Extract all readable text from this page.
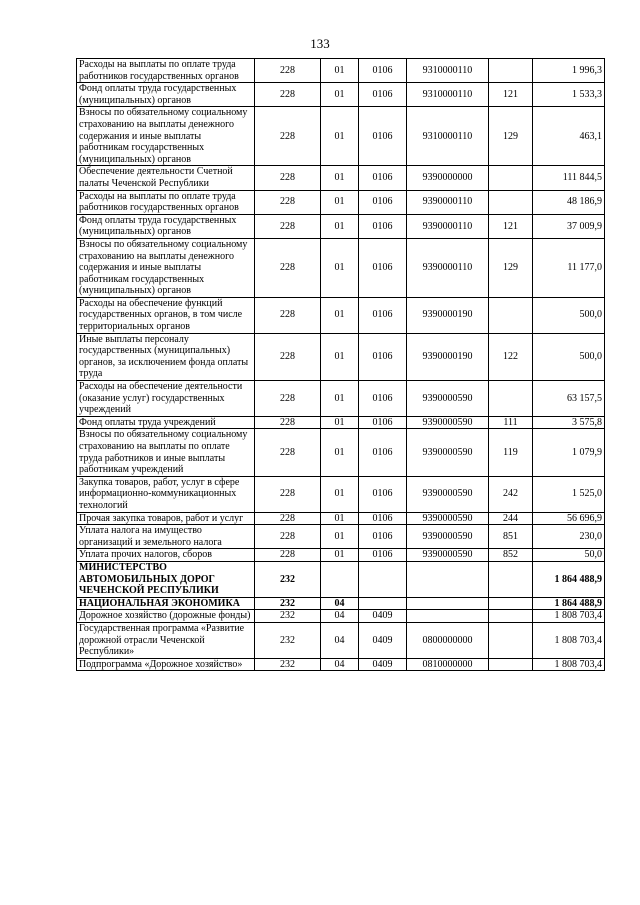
133
Расходы на выплаты по оплате труда работников государственных органов	228	01	0106	9310000110		1 996,3
Фонд оплаты труда государственных (муниципальных) органов	228	01	0106	9310000110	121	1 533,3
Взносы по обязательному социальному страхованию на выплаты денежного содержания и иные выплаты работникам государственных (муниципальных) органов	228	01	0106	9310000110	129	463,1
Обеспечение деятельности Счетной палаты Чеченской Республики	228	01	0106	9390000000		111 844,5
Расходы на выплаты по оплате труда работников государственных органов	228	01	0106	9390000110		48 186,9
Фонд оплаты труда государственных (муниципальных) органов	228	01	0106	9390000110	121	37 009,9
Взносы по обязательному социальному страхованию на выплаты денежного содержания и иные выплаты работникам государственных (муниципальных) органов	228	01	0106	9390000110	129	11 177,0
Расходы на обеспечение функций государственных органов, в том числе территориальных органов	228	01	0106	9390000190		500,0
Иные выплаты персоналу государственных (муниципальных) органов, за исключением фонда оплаты труда	228	01	0106	9390000190	122	500,0
Расходы на обеспечение деятельности (оказание услуг) государственных учреждений	228	01	0106	9390000590		63 157,5
Фонд оплаты труда учреждений	228	01	0106	9390000590	111	3 575,8
Взносы по обязательному социальному страхованию на выплаты по оплате труда работников и иные выплаты работникам учреждений	228	01	0106	9390000590	119	1 079,9
Закупка товаров, работ, услуг в сфере информационно-коммуникационных технологий	228	01	0106	9390000590	242	1 525,0
Прочая закупка товаров, работ и услуг	228	01	0106	9390000590	244	56 696,9
Уплата налога на имущество организаций и земельного налога	228	01	0106	9390000590	851	230,0
Уплата прочих налогов, сборов	228	01	0106	9390000590	852	50,0
МИНИСТЕРСТВО АВТОМОБИЛЬНЫХ ДОРОГ ЧЕЧЕНСКОЙ РЕСПУБЛИКИ	232					1 864 488,9
НАЦИОНАЛЬНАЯ ЭКОНОМИКА	232	04				1 864 488,9
Дорожное хозяйство (дорожные фонды)	232	04	0409			1 808 703,4
Государственная программа «Развитие дорожной отрасли Чеченской Республики»	232	04	0409	0800000000		1 808 703,4
Подпрограмма «Дорожное хозяйство»	232	04	0409	0810000000		1 808 703,4
